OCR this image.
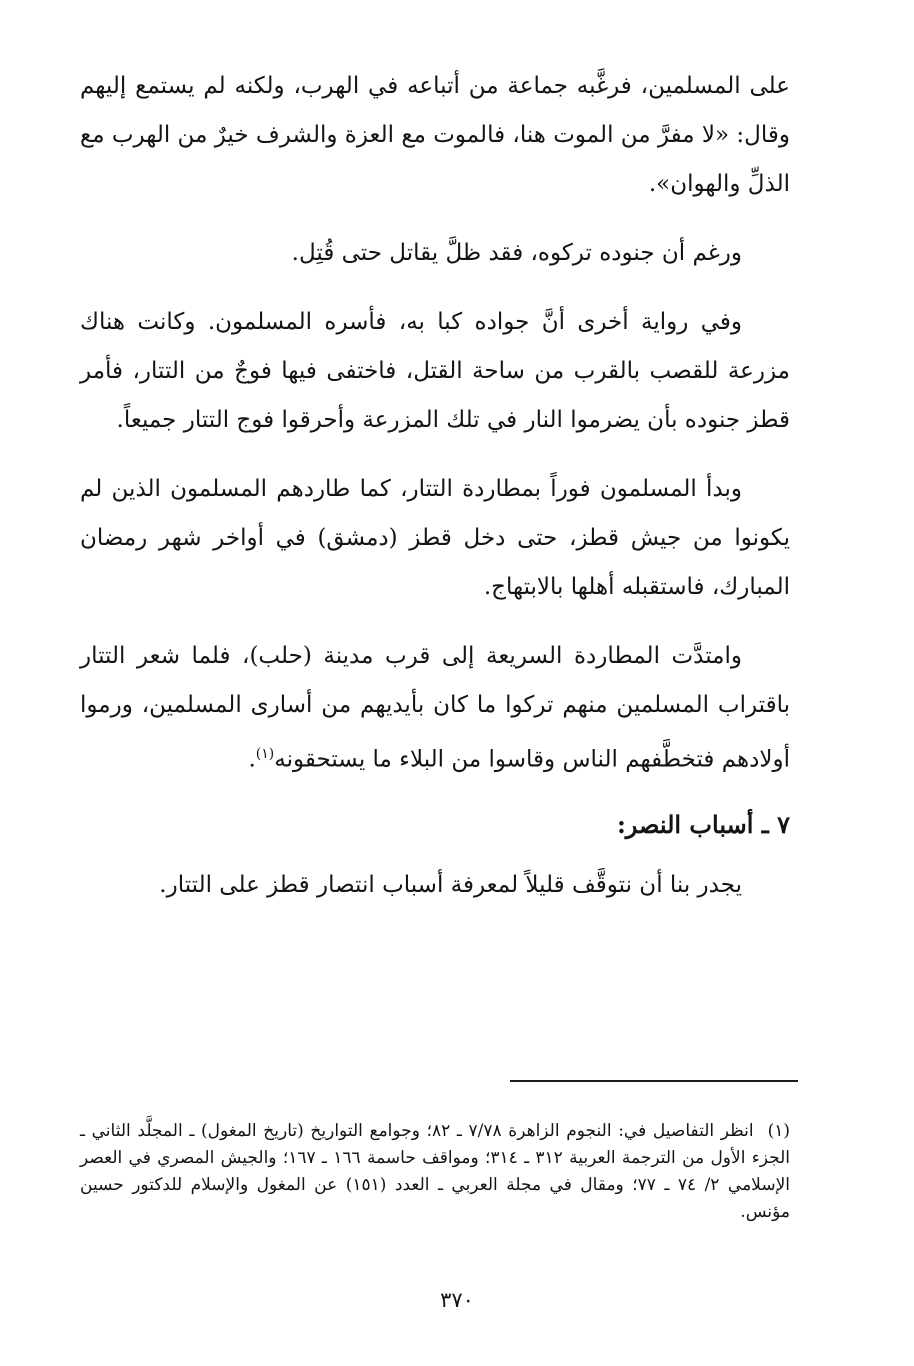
على المسلمين، فرغَّبه جماعة من أتباعه في الهرب، ولكنه لم يستمع إليهم وقال: «لا مفرَّ من الموت هنا، فالموت مع العزة والشرف خيرٌ من الهرب مع الذلِّ والهوان».

ورغم أن جنوده تركوه، فقد ظلَّ يقاتل حتى قُتِل.

وفي رواية أخرى أنَّ جواده كبا به، فأسره المسلمون. وكانت هناك مزرعة للقصب بالقرب من ساحة القتل، فاختفى فيها فوجٌ من التتار، فأمر قطز جنوده بأن يضرموا النار في تلك المزرعة وأحرقوا فوج التتار جميعاً.

وبدأ المسلمون فوراً بمطاردة التتار، كما طاردهم المسلمون الذين لم يكونوا من جيش قطز، حتى دخل قطز (دمشق) في أواخر شهر رمضان المبارك، فاستقبله أهلها بالابتهاج.

وامتدَّت المطاردة السريعة إلى قرب مدينة (حلب)، فلما شعر التتار باقتراب المسلمين منهم تركوا ما كان بأيديهم من أسارى المسلمين، ورموا أولادهم فتخطَّفهم الناس وقاسوا من البلاء ما يستحقونه$^{(١)}$.

٧ ـ أسباب النصر:

يجدر بنا أن نتوقَّف قليلاً لمعرفة أسباب انتصار قطز على التتار.

(١)انظر التفاصيل في: النجوم الزاهرة ٧/٧٨ ـ ٨٢؛ وجوامع التواريخ (تاريخ المغول) ـ المجلَّد الثاني ـ الجزء الأول من الترجمة العربية ٣١٢ ـ ٣١٤؛ ومواقف حاسمة ١٦٦ ـ ١٦٧؛ والجيش المصري في العصر الإسلامي ٢/ ٧٤ ـ ٧٧؛ ومقال في مجلة العربي ـ العدد (١٥١) عن المغول والإسلام للدكتور حسين مؤنس.
٣٧٠
